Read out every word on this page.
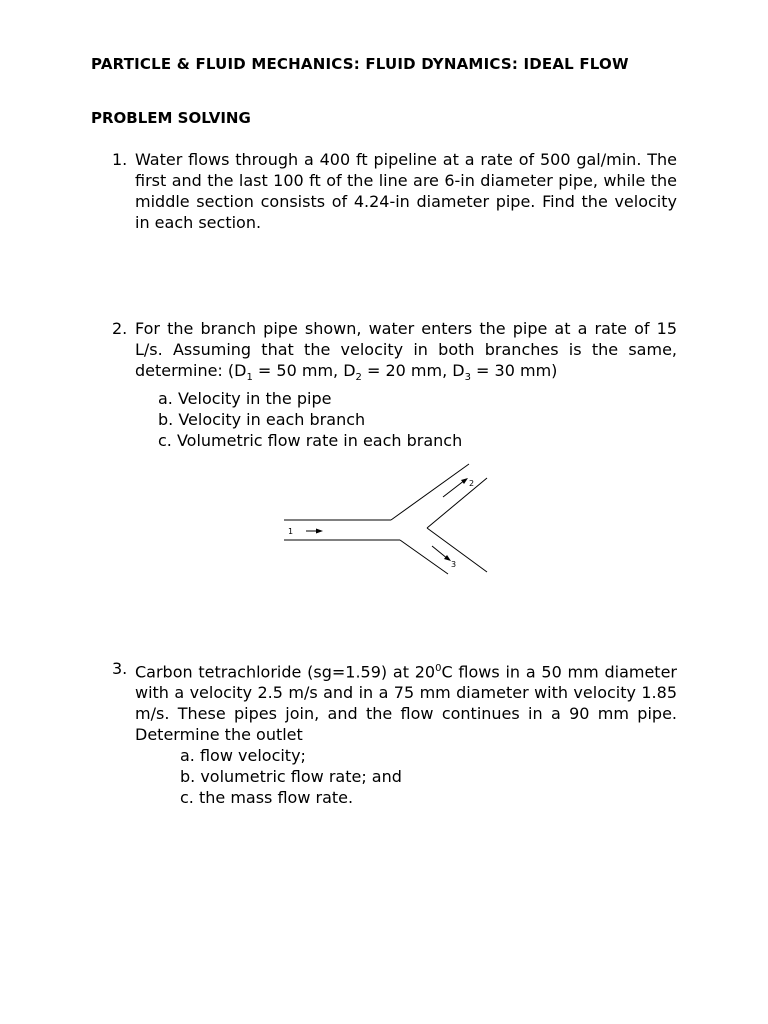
PARTICLE & FLUID MECHANICS: FLUID DYNAMICS: IDEAL FLOW
PROBLEM SOLVING
1. Water flows through a 400 ft pipeline at a rate of 500 gal/min. The first and the last 100 ft of the line are 6-in diameter pipe, while the middle section consists of 4.24-in diameter pipe. Find the velocity in each section.
2. For the branch pipe shown, water enters the pipe at a rate of 15 L/s. Assuming that the velocity in both branches is the same, determine: ($D_1 = 50$ mm, $D_2 = 20$ mm, $D_3 = 30$ mm)
a. Velocity in the pipe
b. Velocity in each branch
c. Volumetric flow rate in each branch
1
2
3
3. Carbon tetrachloride (sg=1.59) at $20^0C$ flows in a 50 mm diameter with a velocity 2.5 m/s and in a 75 mm diameter with velocity 1.85 m/s. These pipes join, and the flow continues in a 90 mm pipe. Determine the outlet
a. flow velocity;
b. volumetric flow rate; and
c. the mass flow rate.
